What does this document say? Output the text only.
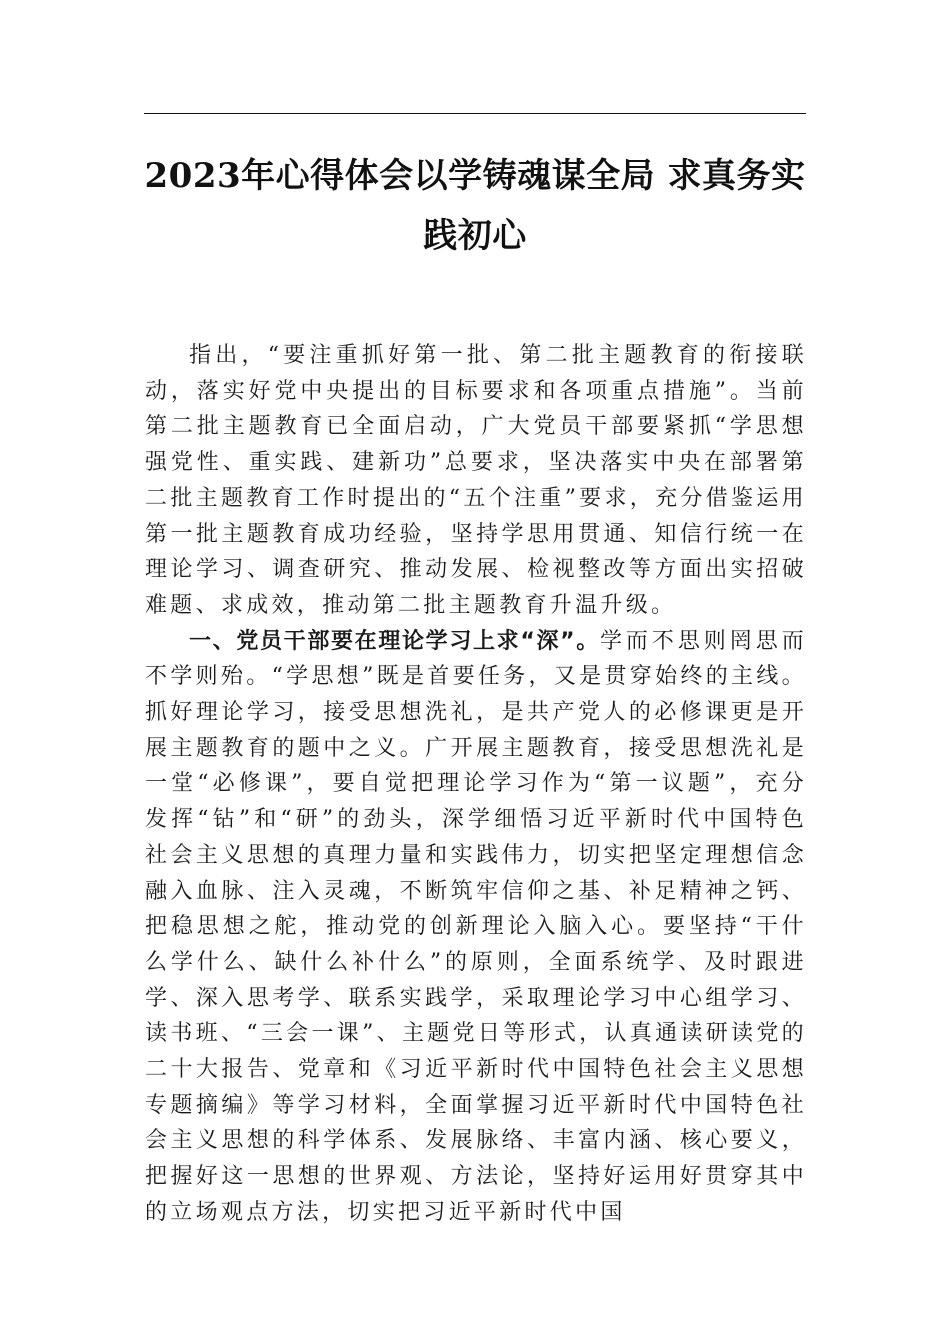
2023年心得体会以学铸魂谋全局 求真务实践初心

指出，“要注重抓好第一批、第二批主题教育的衔接联动，落实好党中央提出的目标要求和各项重点措施”。当前第二批主题教育已全面启动，广大党员干部要紧抓“学思想强党性、重实践、建新功”总要求，坚决落实中央在部署第二批主题教育工作时提出的“五个注重”要求，充分借鉴运用第一批主题教育成功经验，坚持学思用贯通、知信行统一在理论学习、调查研究、推动发展、检视整改等方面出实招破难题、求成效，推动第二批主题教育升温升级。

一、党员干部要在理论学习上求“深”。学而不思则罔思而不学则殆。“学思想”既是首要任务，又是贯穿始终的主线。抓好理论学习，接受思想洗礼，是共产党人的必修课更是开展主题教育的题中之义。广开展主题教育，接受思想洗礼是一堂“必修课”，要自觉把理论学习作为“第一议题”，充分发挥“钻”和“研”的劲头，深学细悟习近平新时代中国特色社会主义思想的真理力量和实践伟力，切实把坚定理想信念融入血脉、注入灵魂，不断筑牢信仰之基、补足精神之钙、把稳思想之舵，推动党的创新理论入脑入心。要坚持“干什么学什么、缺什么补什么”的原则，全面系统学、及时跟进学、深入思考学、联系实践学，采取理论学习中心组学习、读书班、“三会一课”、主题党日等形式，认真通读研读党的二十大报告、党章和《习近平新时代中国特色社会主义思想专题摘编》等学习材料，全面掌握习近平新时代中国特色社会主义思想的科学体系、发展脉络、丰富内涵、核心要义，把握好这一思想的世界观、方法论，坚持好运用好贯穿其中的立场观点方法，切实把习近平新时代中国
